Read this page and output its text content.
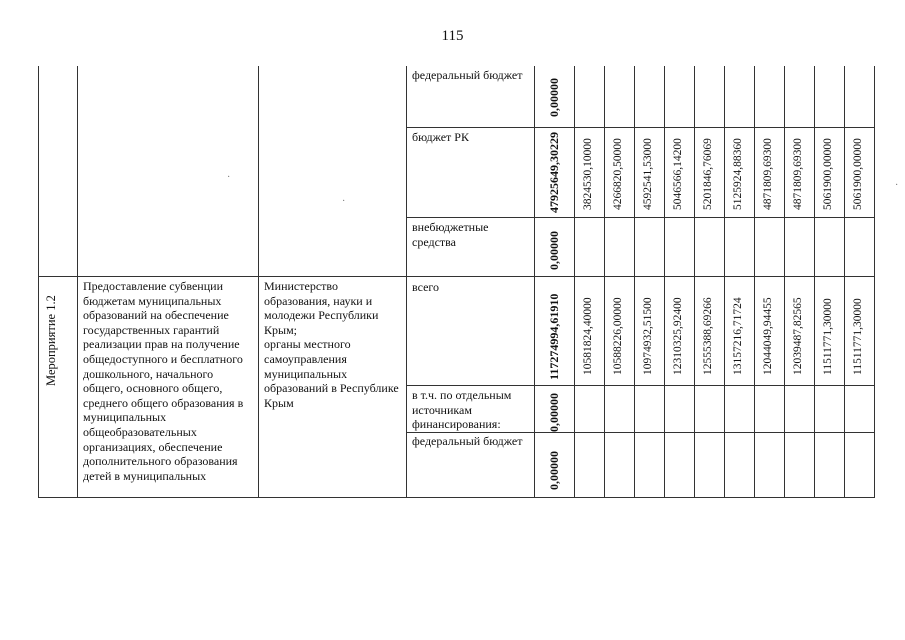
115
федеральный бюджет
бюджет РК
внебюджетные средства
0,00000
47925649,30229
0,00000
3824530,10000 4266820,50000 4592541,53000 5046566,14200 5201846,76069 5125924,88360 4871809,69300 4871809,69300 5061900,00000 5061900,00000
Мероприятие 1.2
Предоставление субвенции бюджетам муниципальных образований на обеспечение государственных гарантий реализации прав на получение общедоступного и бесплатного дошкольного, начального общего, основного общего, среднего общего образования в муниципальных общеобразовательных организациях, обеспечение дополнительного образования детей в муниципальных
Министерство образования, науки и молодежи Республики Крым;
органы местного самоуправления муниципальных образований в Республике Крым
всего
в т.ч. по отдельным источникам финансирования:
федеральный бюджет
117274994,61910
0,00000
0,00000
10581824,40000 10588226,00000 10974932,51500 12310325,92400 12555388,69266 13157216,71724 12044049,94455 12039487,82565 11511771,30000 11511771,30000
·
·
·
